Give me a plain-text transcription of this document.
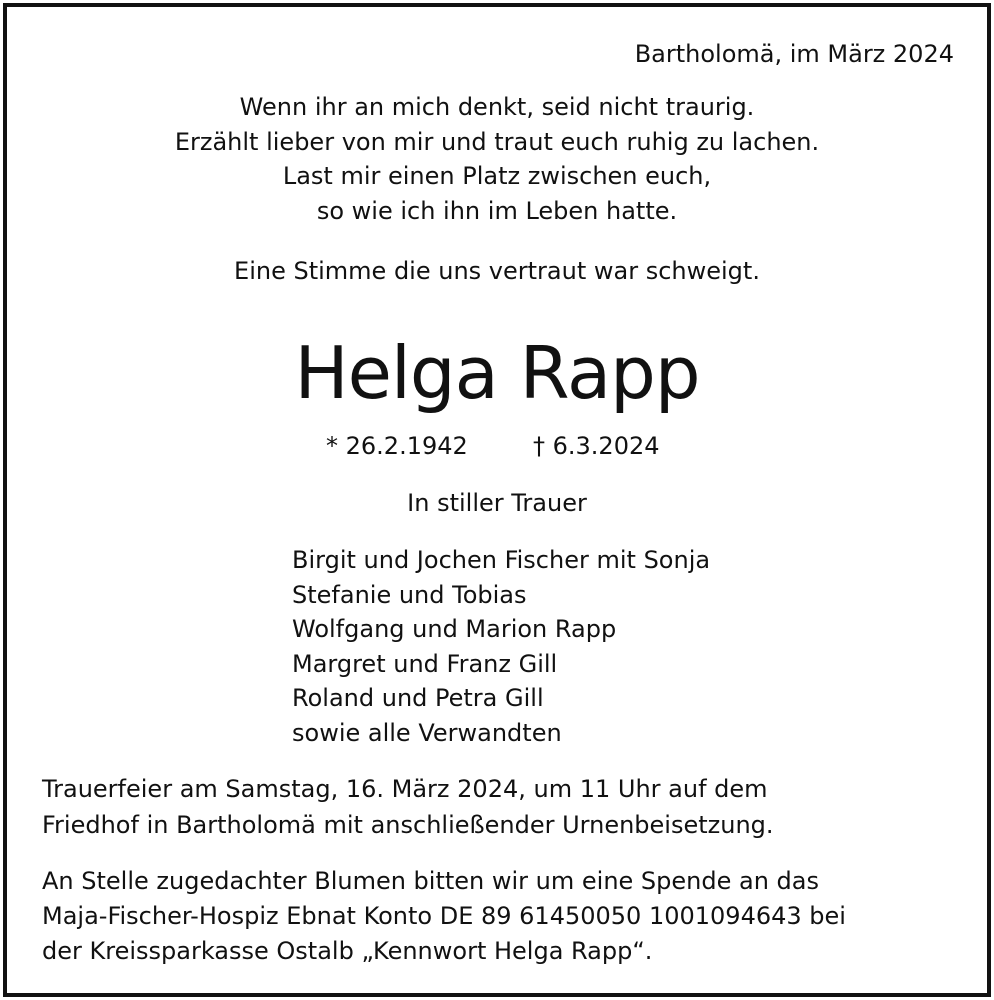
Bartholomä, im März 2024
Wenn ihr an mich denkt, seid nicht traurig.
Erzählt lieber von mir und traut euch ruhig zu lachen.
Last mir einen Platz zwischen euch,
so wie ich ihn im Leben hatte.
Eine Stimme die uns vertraut war schweigt.
Helga Rapp
* 26.2.1942	† 6.3.2024
In stiller Trauer
Birgit und Jochen Fischer mit Sonja
Stefanie und Tobias
Wolfgang und Marion Rapp
Margret und Franz Gill
Roland und Petra Gill
sowie alle Verwandten
Trauerfeier am Samstag, 16. März 2024, um 11 Uhr auf dem
Friedhof in Bartholomä mit anschließender Urnenbeisetzung.
An Stelle zugedachter Blumen bitten wir um eine Spende an das
Maja-Fischer-Hospiz Ebnat Konto DE 89 61450050 1001094643 bei
der Kreissparkasse Ostalb „Kennwort Helga Rapp“.
